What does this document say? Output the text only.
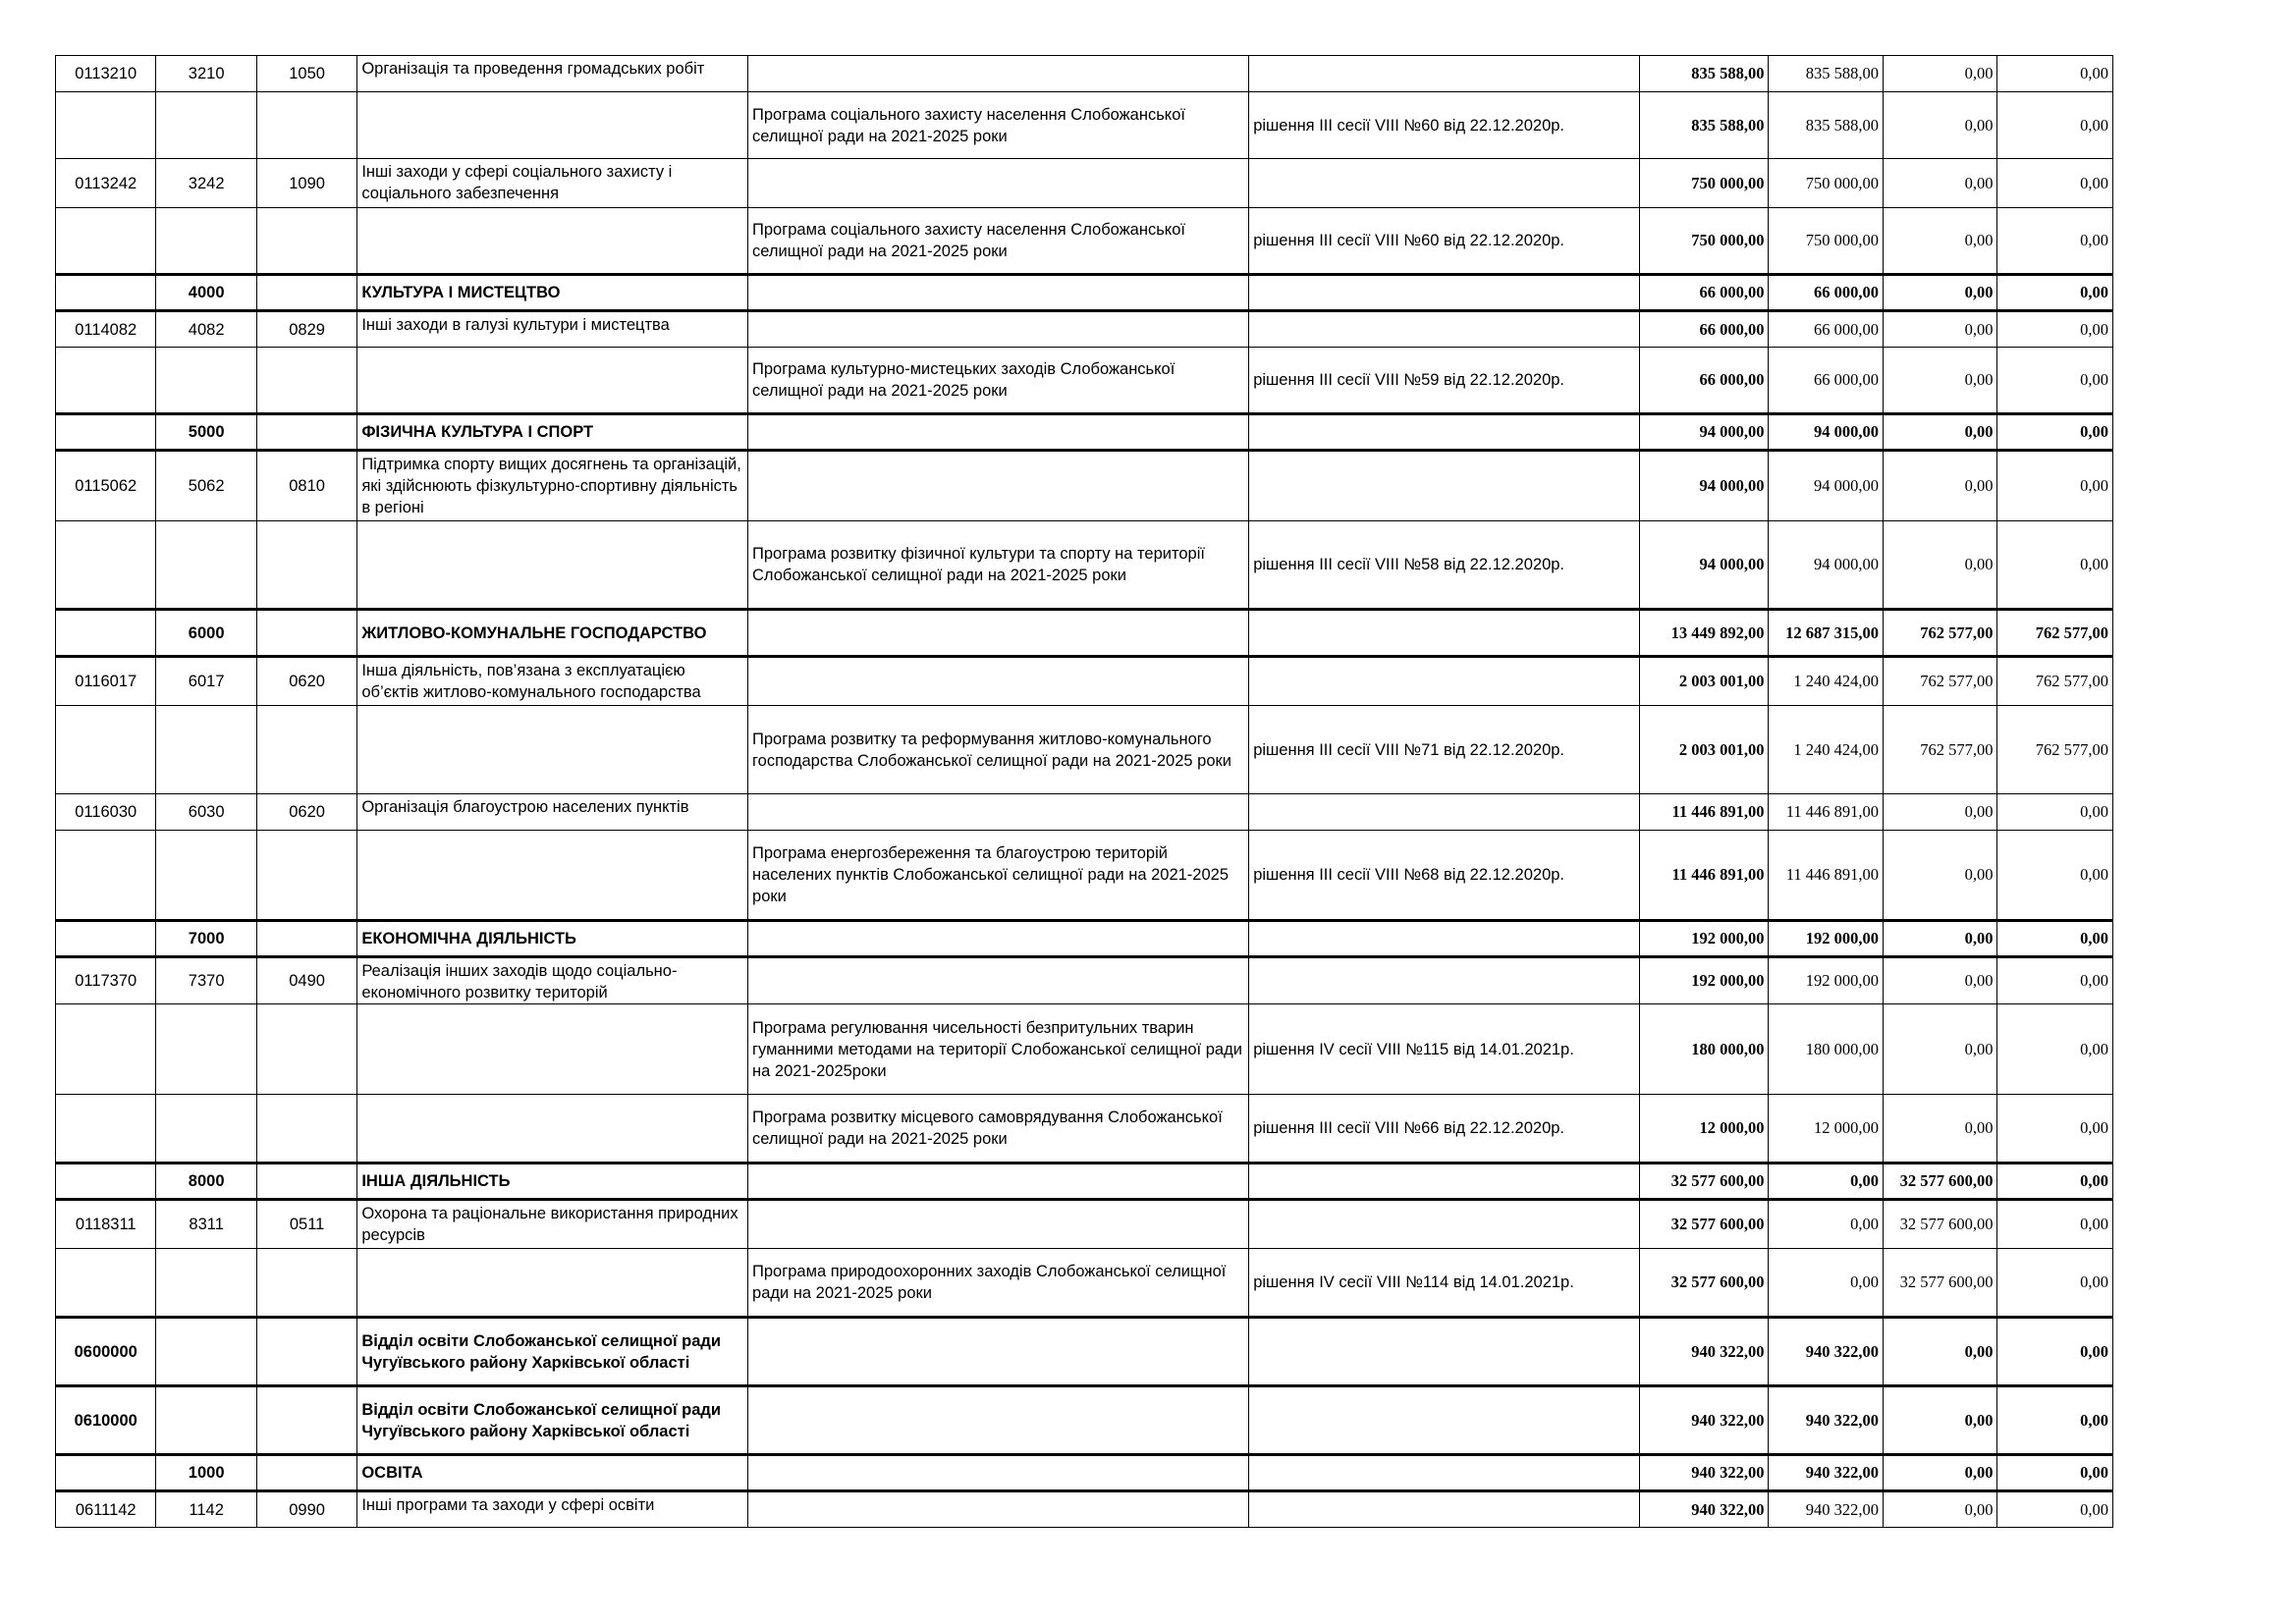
0113210	3210	1050	Організація та проведення громадських робіт			835 588,00	835 588,00	0,00	0,00
				Програма соціального захисту населення Слобожанської селищної ради на 2021-2025 роки	рішення ІІІ сесії VIII №60 від 22.12.2020р.	835 588,00	835 588,00	0,00	0,00
0113242	3242	1090	Інші заходи у сфері соціального захисту і соціального забезпечення			750 000,00	750 000,00	0,00	0,00
				Програма соціального захисту населення Слобожанської селищної ради на 2021-2025 роки	рішення ІІІ сесії VIII №60 від 22.12.2020р.	750 000,00	750 000,00	0,00	0,00
	4000		КУЛЬТУРА І МИСТЕЦТВО			66 000,00	66 000,00	0,00	0,00
0114082	4082	0829	Інші заходи в галузі культури і мистецтва			66 000,00	66 000,00	0,00	0,00
				Програма культурно-мистецьких заходів Слобожанської селищної ради на 2021-2025 роки	рішення ІІІ сесії VIII №59 від 22.12.2020р.	66 000,00	66 000,00	0,00	0,00
	5000		ФІЗИЧНА КУЛЬТУРА І СПОРТ			94 000,00	94 000,00	0,00	0,00
0115062	5062	0810	Підтримка спорту вищих досягнень та організацій, які здійснюють фізкультурно-спортивну діяльність в регіоні			94 000,00	94 000,00	0,00	0,00
				Програма розвитку фізичної культури та спорту на території Слобожанської селищної ради на 2021-2025 роки	рішення ІІІ сесії VIII №58 від 22.12.2020р.	94 000,00	94 000,00	0,00	0,00
	6000		ЖИТЛОВО-КОМУНАЛЬНЕ ГОСПОДАРСТВО			13 449 892,00	12 687 315,00	762 577,00	762 577,00
0116017	6017	0620	Інша діяльність, пов’язана з експлуатацією об’єктів житлово-комунального господарства			2 003 001,00	1 240 424,00	762 577,00	762 577,00
				Програма розвитку та реформування житлово-комунального господарства Слобожанської селищної ради на 2021-2025 роки	рішення ІІІ сесії VIII №71 від 22.12.2020р.	2 003 001,00	1 240 424,00	762 577,00	762 577,00
0116030	6030	0620	Організація благоустрою населених пунктів			11 446 891,00	11 446 891,00	0,00	0,00
				Програма енергозбереження та благоустрою територій населених пунктів Слобожанської селищної ради на 2021-2025 роки	рішення ІІІ сесії VIII №68 від 22.12.2020р.	11 446 891,00	11 446 891,00	0,00	0,00
	7000		ЕКОНОМІЧНА ДІЯЛЬНІСТЬ			192 000,00	192 000,00	0,00	0,00
0117370	7370	0490	Реалізація інших заходів щодо соціально-економічного розвитку територій			192 000,00	192 000,00	0,00	0,00
				Програма регулювання чисельності безпритульних тварин гуманними методами на території Слобожанської селищної ради на 2021-2025роки	рішення IV сесії VIII №115 від 14.01.2021р.	180 000,00	180 000,00	0,00	0,00
				Програма розвитку місцевого самоврядування Слобожанської селищної ради на 2021-2025 роки	рішення ІІІ сесії VIII №66 від 22.12.2020р.	12 000,00	12 000,00	0,00	0,00
	8000		ІНША ДІЯЛЬНІСТЬ			32 577 600,00	0,00	32 577 600,00	0,00
0118311	8311	0511	Охорона та раціональне використання природних ресурсів			32 577 600,00	0,00	32 577 600,00	0,00
				Програма природоохоронних заходів Слобожанської селищної ради на 2021-2025 роки	рішення IV сесії VIII №114 від 14.01.2021р.	32 577 600,00	0,00	32 577 600,00	0,00
0600000			Відділ освіти Слобожанської селищної ради Чугуївського району Харківської області			940 322,00	940 322,00	0,00	0,00
0610000			Відділ освіти Слобожанської селищної ради Чугуївського району Харківської області			940 322,00	940 322,00	0,00	0,00
	1000		ОСВІТА			940 322,00	940 322,00	0,00	0,00
0611142	1142	0990	Інші програми та заходи у сфері освіти			940 322,00	940 322,00	0,00	0,00
